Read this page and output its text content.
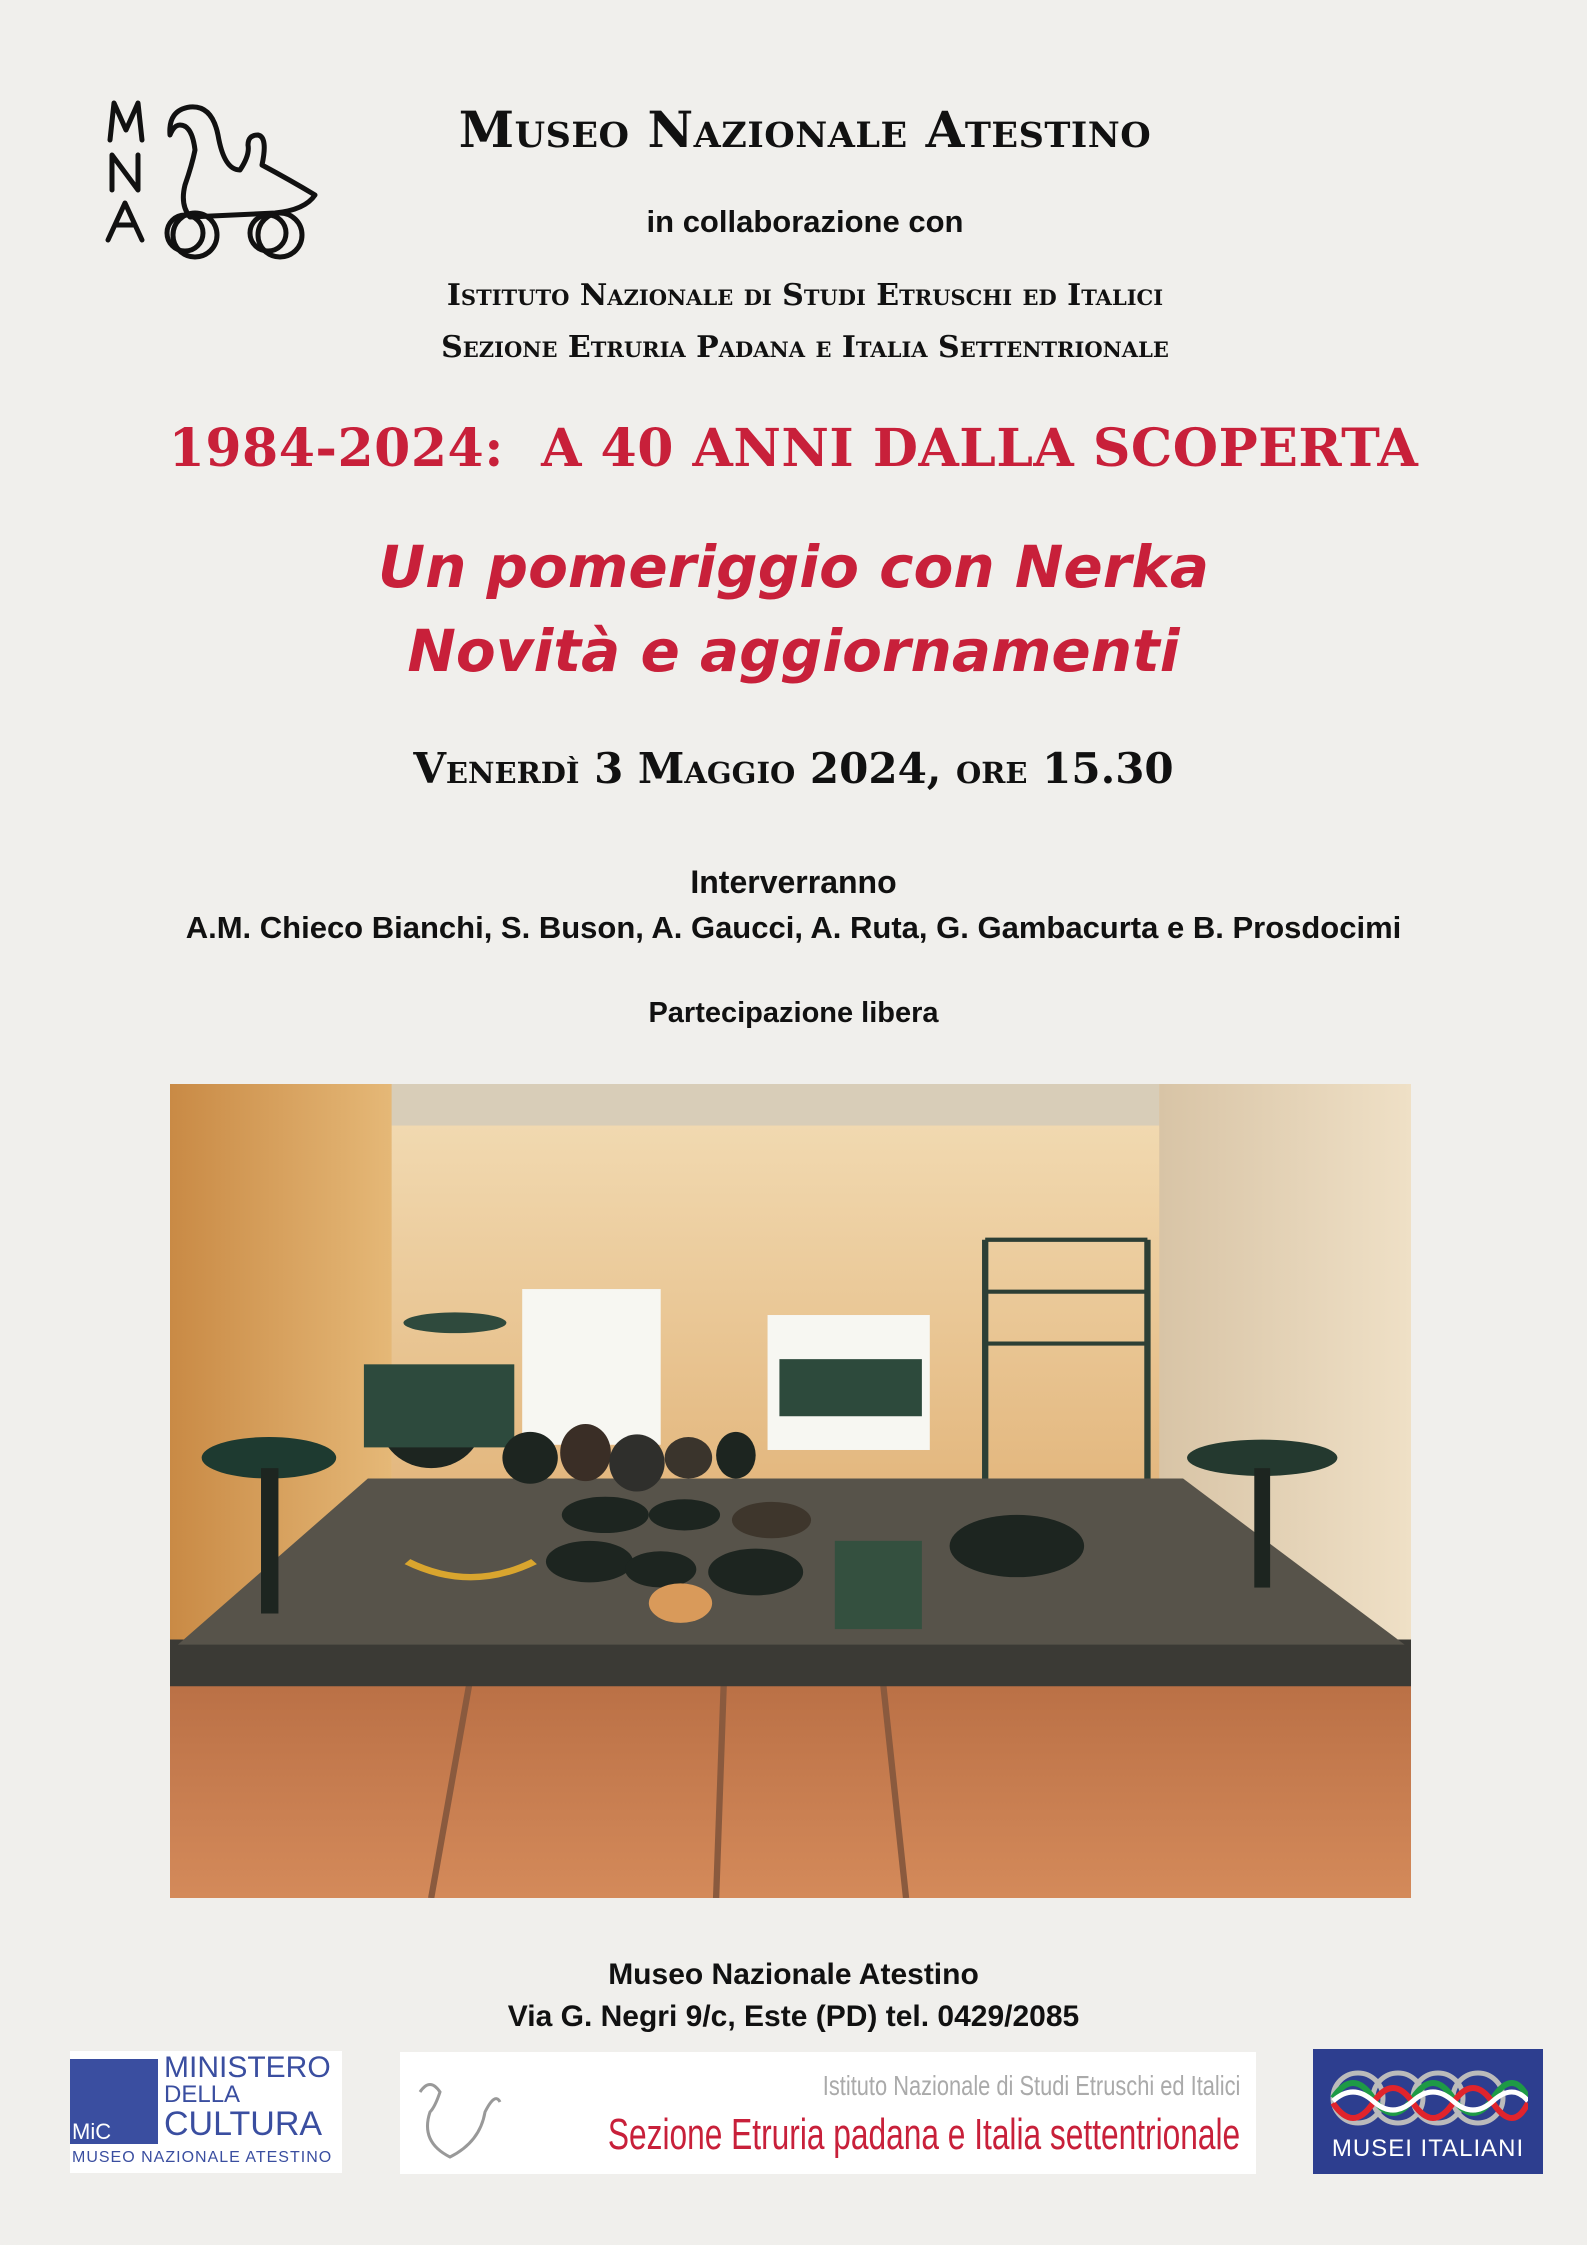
Museo Nazionale Atestino
in collaborazione con
Istituto Nazionale di Studi Etruschi ed Italici
Sezione Etruria Padana e Italia Settentrionale
1984-2024:  A 40 ANNI DALLA SCOPERTA
Un pomeriggio con Nerka
Novità e aggiornamenti
Venerdì 3 Maggio 2024, ore 15.30
Interverranno
A.M. Chieco Bianchi, S. Buson, A. Gaucci, A. Ruta, G. Gambacurta e B. Prosdocimi
Partecipazione libera
Museo Nazionale Atestino
Via G. Negri 9/c, Este (PD) tel. 0429/2085
MiC
MINISTERO
DELLA
CULTURA
MUSEO NAZIONALE ATESTINO
Istituto Nazionale di Studi Etruschi ed Italici
Sezione Etruria padana e Italia settentrionale	MUSEI ITALIANI
